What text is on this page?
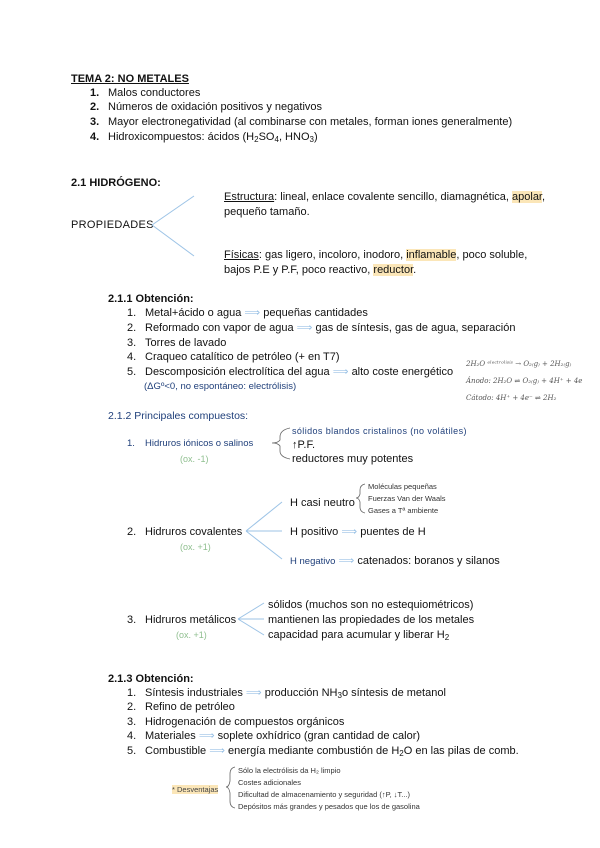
TEMA 2: NO METALES
1. Malos conductores
2. Números de oxidación positivos y negativos
3. Mayor electronegatividad (al combinarse con metales, forman iones generalmente)
4. Hidroxicompuestos: ácidos ($H_2SO_4$, $HNO_3$)
2.1 HIDRÓGENO:
PROPIEDADES
Estructura: lineal, enlace covalente sencillo, diamagnética, apolar,
pequeño tamaño.
Físicas: gas ligero, incoloro, inodoro, inflamable, poco soluble,
bajos P.E y P.F, poco reactivo, reductor.
2.1.1 Obtención:
1. Metal+ácido o agua ⟹ pequeñas cantidades
2. Reformado con vapor de agua ⟹ gas de síntesis, gas de agua, separación
3. Torres de lavado
4. Craqueo catalítico de petróleo (+ en T7)
5. Descomposición electrolítica del agua ⟹ alto coste energético
(ΔGº<0, no espontáneo: electrólisis)
2H₂O ᵉˡᵉᶜᵗʳᵒˡⁱˢⁱˢ → O₂₍g₎ + 2H₂₍g₎
Ánodo: 2H₂O ⇌ O₂₍g₎ + 4H⁺ + 4e
Cátodo: 4H⁺ + 4e⁻ ⇌ 2H₂
2.1.2 Principales compuestos:
1. Hidruros iónicos o salinos
(ox. -1)
sólidos blandos cristalinos (no volátiles)
↑P.F.
reductores muy potentes
2. Hidruros covalentes
(ox. +1)
H casi neutro
Moléculas pequeñas
Fuerzas Van der Waals
Gases a Tª ambiente
H positivo ⟹ puentes de H
H negativo ⟹ catenados: boranos y silanos
3. Hidruros metálicos
(ox. +1)
sólidos (muchos son no estequiométricos)
mantienen las propiedades de los metales
capacidad para acumular y liberar $H_2$
2.1.3 Obtención:
1. Síntesis industriales ⟹ producción $NH_3o$ síntesis de metanol
2. Refino de petróleo
3. Hidrogenación de compuestos orgánicos
4. Materiales ⟹ soplete oxhídrico (gran cantidad de calor)
5. Combustible ⟹ energía mediante combustión de $H_2O$ en las pilas de comb.
* Desventajas
Sólo la electrólisis da H₂ limpio
Costes adicionales
Dificultad de almacenamiento y seguridad (↑P, ↓T...)
Depósitos más grandes y pesados que los de gasolina
